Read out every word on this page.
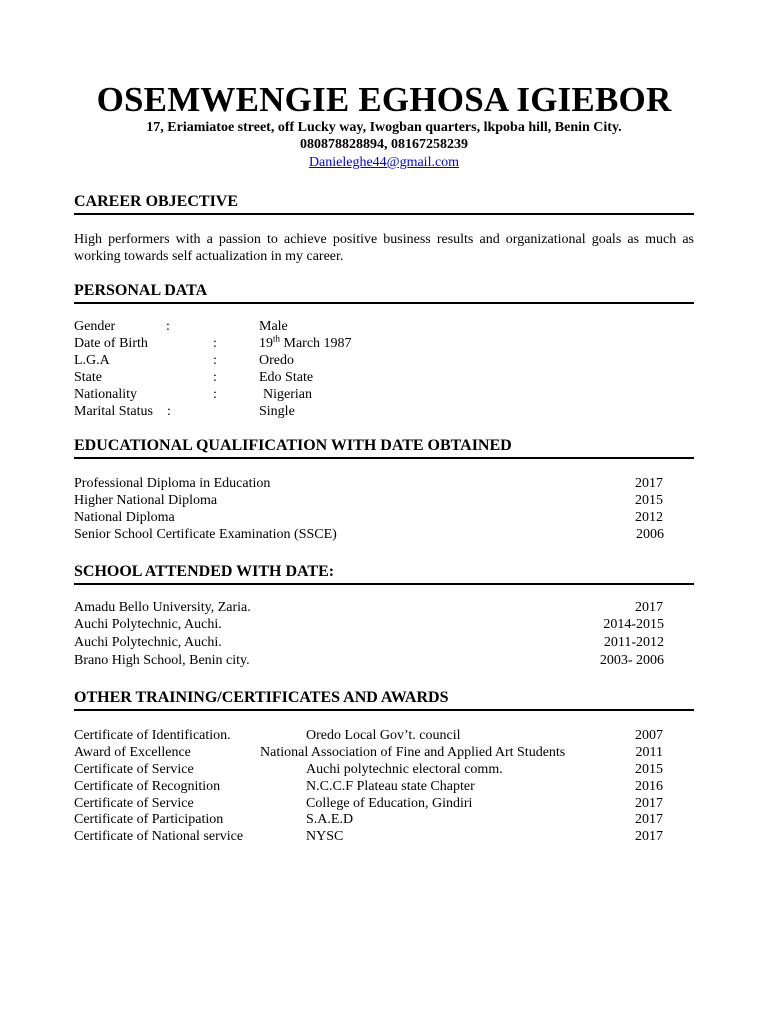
OSEMWENGIE EGHOSA IGIEBOR
17, Eriamiatoe street, off Lucky way, Iwogban quarters, lkpoba hill, Benin City.
080878828894, 08167258239
Danieleghe44@gmail.com
CAREER OBJECTIVE
High performers with a passion to achieve positive business results and organizational goals as much as working towards self actualization in my career.
PERSONAL DATA
Gender	:	Male
Date of Birth	:	19th March 1987
L.G.A	:	Oredo
State	:	Edo State
Nationality	:	Nigerian
Marital Status :	Single
EDUCATIONAL QUALIFICATION WITH DATE OBTAINED
Professional Diploma in Education	2017
Higher National Diploma	2015
National Diploma	2012
Senior School Certificate Examination (SSCE)	2006
SCHOOL ATTENDED WITH DATE:
Amadu Bello University, Zaria.	2017
Auchi Polytechnic, Auchi.	2014-2015
Auchi Polytechnic, Auchi.	2011-2012
Brano High School, Benin city.	2003- 2006
OTHER TRAINING/CERTIFICATES AND AWARDS
Certificate of Identification.	Oredo Local Gov’t. council	2007
Award of Excellence	National Association of Fine and Applied Art Students	2011
Certificate of Service	Auchi polytechnic electoral comm.	2015
Certificate of Recognition	N.C.C.F Plateau state Chapter	2016
Certificate of Service	College of Education, Gindiri	2017
Certificate of Participation	S.A.E.D	2017
Certificate of National service	NYSC	2017
